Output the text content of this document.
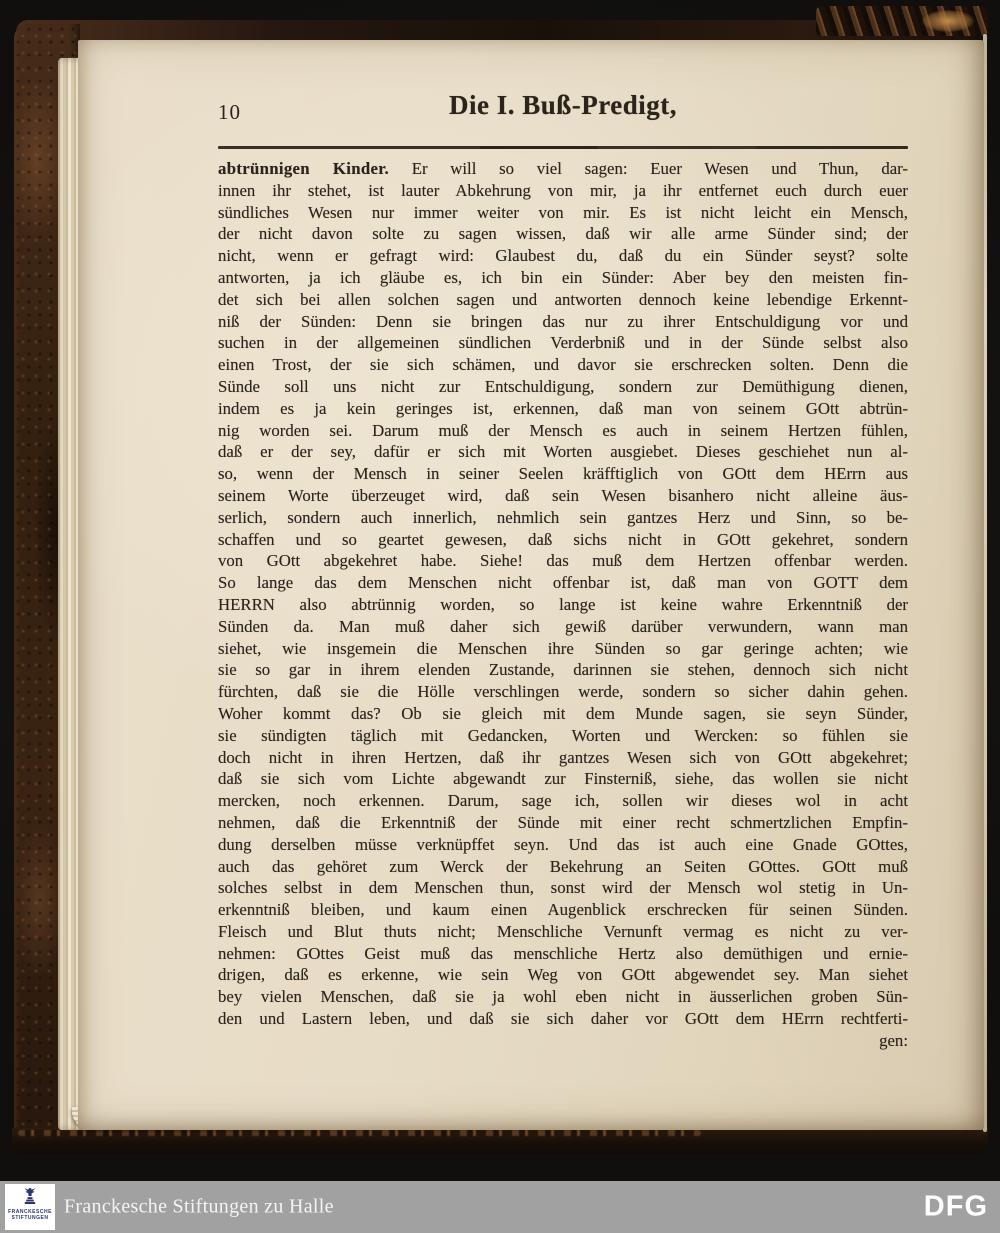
10	Die I. Buß-Predigt,
abtrünnigen Kinder. Er will so viel sagen: Euer Wesen und Thun, dar-
innen ihr stehet, ist lauter Abkehrung von mir, ja ihr entfernet euch durch euer
sündliches Wesen nur immer weiter von mir. Es ist nicht leicht ein Mensch,
der nicht davon solte zu sagen wissen, daß wir alle arme Sünder sind; der
nicht, wenn er gefragt wird: Glaubest du, daß du ein Sünder seyst? solte
antworten, ja ich gläube es, ich bin ein Sünder: Aber bey den meisten fin-
det sich bei allen solchen sagen und antworten dennoch keine lebendige Erkennt-
niß der Sünden: Denn sie bringen das nur zu ihrer Entschuldigung vor und
suchen in der allgemeinen sündlichen Verderbniß und in der Sünde selbst also
einen Trost, der sie sich schämen, und davor sie erschrecken solten. Denn die
Sünde soll uns nicht zur Entschuldigung, sondern zur Demüthigung dienen,
indem es ja kein geringes ist, erkennen, daß man von seinem GOtt abtrün-
nig worden sei. Darum muß der Mensch es auch in seinem Hertzen fühlen,
daß er der sey, dafür er sich mit Worten ausgiebet. Dieses geschiehet nun al-
so, wenn der Mensch in seiner Seelen kräfftiglich von GOtt dem HErrn aus
seinem Worte überzeuget wird, daß sein Wesen bisanhero nicht alleine äus-
serlich, sondern auch innerlich, nehmlich sein gantzes Herz und Sinn, so be-
schaffen und so geartet gewesen, daß sichs nicht in GOtt gekehret, sondern
von GOtt abgekehret habe. Siehe! das muß dem Hertzen offenbar werden.
So lange das dem Menschen nicht offenbar ist, daß man von GOTT dem
HERRN also abtrünnig worden, so lange ist keine wahre Erkenntniß der
Sünden da. Man muß daher sich gewiß darüber verwundern, wann man
siehet, wie insgemein die Menschen ihre Sünden so gar geringe achten; wie
sie so gar in ihrem elenden Zustande, darinnen sie stehen, dennoch sich nicht
fürchten, daß sie die Hölle verschlingen werde, sondern so sicher dahin gehen.
Woher kommt das? Ob sie gleich mit dem Munde sagen, sie seyn Sünder,
sie sündigten täglich mit Gedancken, Worten und Wercken: so fühlen sie
doch nicht in ihren Hertzen, daß ihr gantzes Wesen sich von GOtt abgekehret;
daß sie sich vom Lichte abgewandt zur Finsterniß, siehe, das wollen sie nicht
mercken, noch erkennen. Darum, sage ich, sollen wir dieses wol in acht
nehmen, daß die Erkenntniß der Sünde mit einer recht schmertzlichen Empfin-
dung derselben müsse verknüpffet seyn. Und das ist auch eine Gnade GOttes,
auch das gehöret zum Werck der Bekehrung an Seiten GOttes. GOtt muß
solches selbst in dem Menschen thun, sonst wird der Mensch wol stetig in Un-
erkenntniß bleiben, und kaum einen Augenblick erschrecken für seinen Sünden.
Fleisch und Blut thuts nicht; Menschliche Vernunft vermag es nicht zu ver-
nehmen: GOttes Geist muß das menschliche Hertz also demüthigen und ernie-
drigen, daß es erkenne, wie sein Weg von GOtt abgewendet sey. Man siehet
bey vielen Menschen, daß sie ja wohl eben nicht in äusserlichen groben Sün-
den und Lastern leben, und daß sie sich daher vor GOtt dem HErrn rechtferti-
gen:
FRANCKESCHE
STIFTUNGEN
Franckesche Stiftungen zu Halle	DFG
